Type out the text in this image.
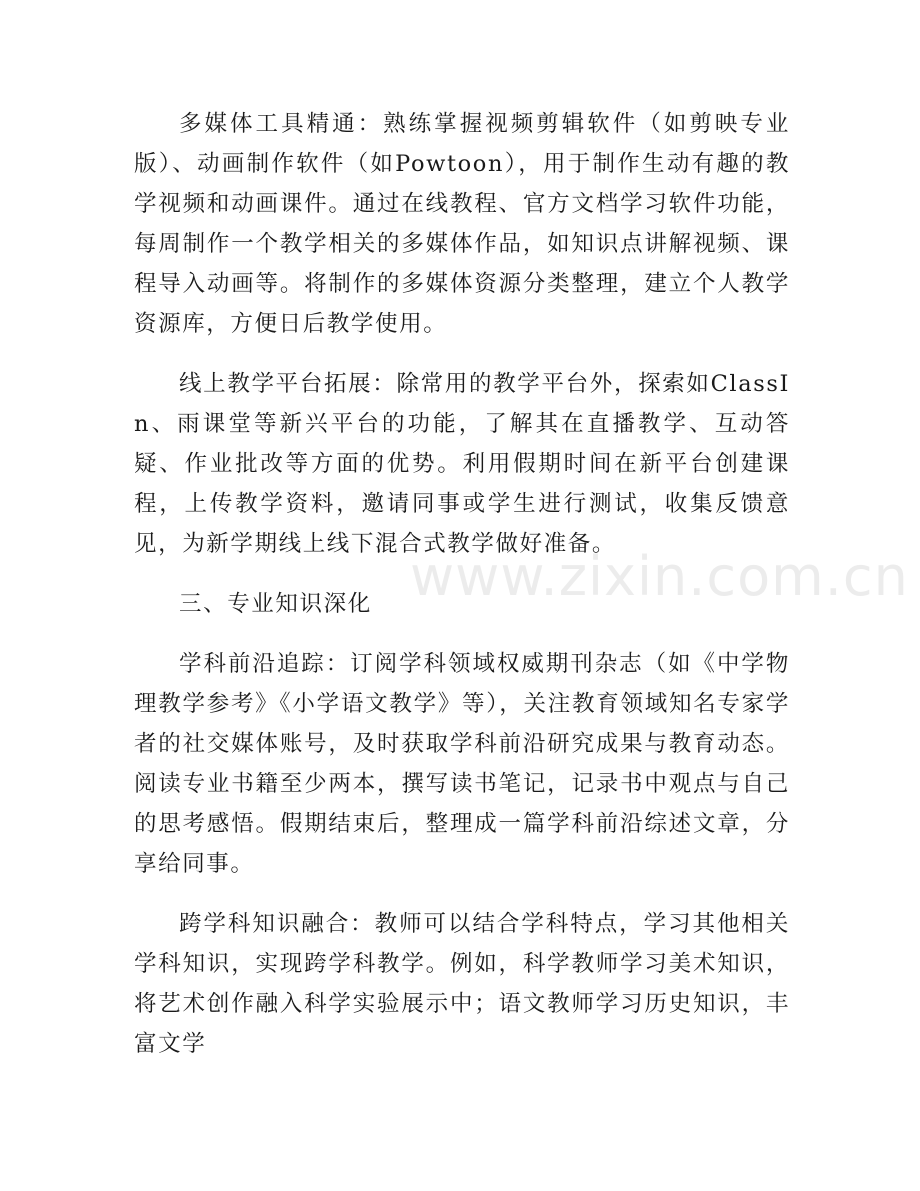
多媒体工具精通：熟练掌握视频剪辑软件（如剪映专业版）、动画制作软件（如Powtoon），用于制作生动有趣的教学视频和动画课件。通过在线教程、官方文档学习软件功能，每周制作一个教学相关的多媒体作品，如知识点讲解视频、课程导入动画等。将制作的多媒体资源分类整理，建立个人教学资源库，方便日后教学使用。

线上教学平台拓展：除常用的教学平台外，探索如ClassIn、雨课堂等新兴平台的功能，了解其在直播教学、互动答疑、作业批改等方面的优势。利用假期时间在新平台创建课程，上传教学资料，邀请同事或学生进行测试，收集反馈意见，为新学期线上线下混合式教学做好准备。

三、专业知识深化

学科前沿追踪：订阅学科领域权威期刊杂志（如《中学物理教学参考》《小学语文教学》等），关注教育领域知名专家学者的社交媒体账号，及时获取学科前沿研究成果与教育动态。阅读专业书籍至少两本，撰写读书笔记，记录书中观点与自己的思考感悟。假期结束后，整理成一篇学科前沿综述文章，分享给同事。

跨学科知识融合：教师可以结合学科特点，学习其他相关学科知识，实现跨学科教学。例如，科学教师学习美术知识，将艺术创作融入科学实验展示中；语文教师学习历史知识，丰富文学

www.zixin.com.cn
